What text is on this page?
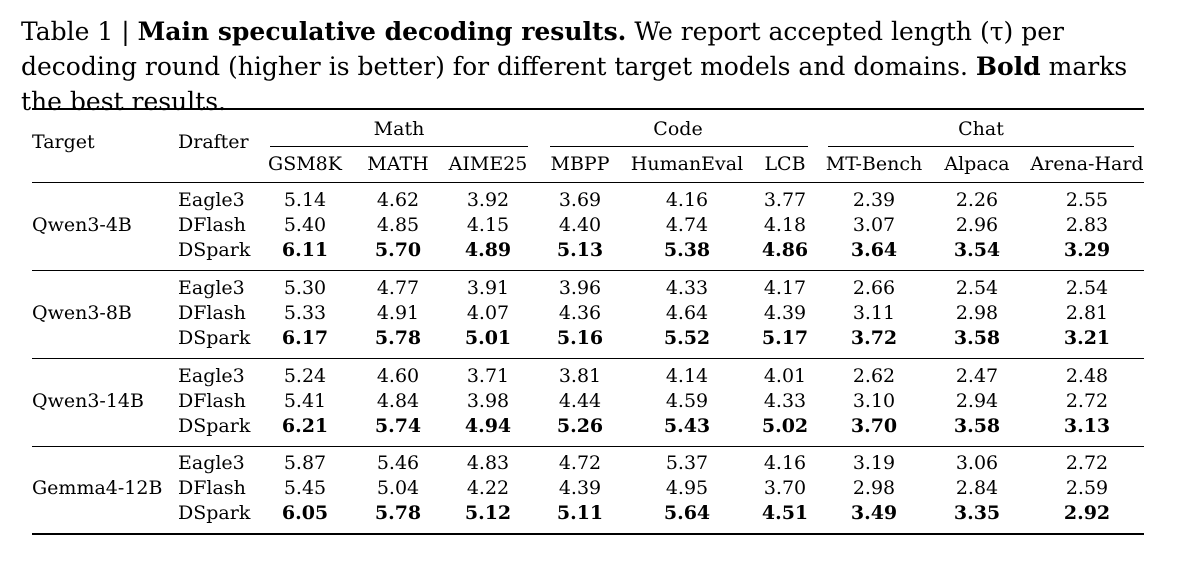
Table 1 | Main speculative decoding results. We report accepted length (τ) per decoding round (higher is better) for different target models and domains. Bold marks the best results.
Target	Drafter
Math	Code	Chat
GSM8K MATH AIME25 MBPP HumanEval LCB MT-Bench Alpaca Arena-Hard
Qwen3-4B
Eagle3 5.14	4.62	3.92	3.69	4.16	3.77 2.39	2.26	2.55
DFlash 5.40	4.85	4.15	4.40	4.74	4.18 3.07	2.96	2.83
DSpark 6.11 5.70 4.89 5.13	5.38	4.86 3.64	3.54	3.29
Qwen3-8B
Eagle3 5.30	4.77	3.91	3.96	4.33	4.17 2.66	2.54	2.54
DFlash 5.33	4.91	4.07	4.36	4.64	4.39 3.11	2.98	2.81
DSpark 6.17 5.78 5.01 5.16	5.52	5.17 3.72	3.58	3.21
Qwen3-14B
Eagle3 5.24	4.60	3.71	3.81	4.14	4.01 2.62	2.47	2.48
DFlash 5.41	4.84	3.98	4.44	4.59	4.33 3.10	2.94	2.72
DSpark 6.21 5.74 4.94 5.26	5.43	5.02 3.70	3.58	3.13
Gemma4-12B
Eagle3 5.87	5.46	4.83	4.72	5.37	4.16 3.19	3.06	2.72
DFlash 5.45	5.04	4.22	4.39	4.95	3.70 2.98	2.84	2.59
DSpark 6.05 5.78 5.12 5.11	5.64	4.51 3.49	3.35	2.92
